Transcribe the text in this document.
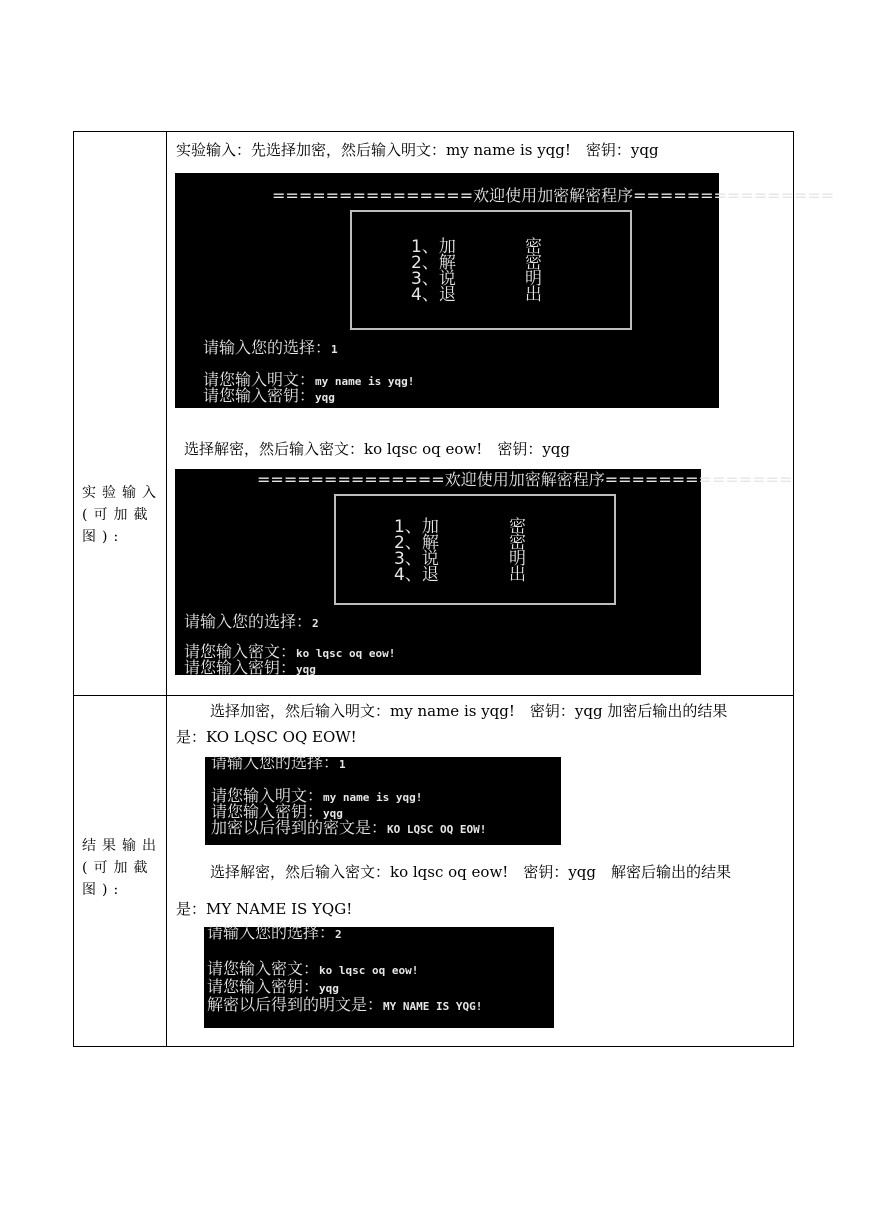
实验输入
(可加截
图):
实验输入：先选择加密，然后输入明文：my name is yqg!　密钥：yqg
===============欢迎使用加密解密程序===============
1、加
2、解
3、说
4、退
密
密
明
出
请输入您的选择：1
请您输入明文：my name is yqg!
请您输入密钥：yqg
选择解密，然后输入密文：ko lqsc oq eow!　密钥：yqg
==============欢迎使用加密解密程序==============
1、加
2、解
3、说
4、退
密
密
明
出
请输入您的选择：2
请您输入密文：ko lqsc oq eow!
请您输入密钥：yqg
结果输出
(可加截
图):
选择加密，然后输入明文：my name is yqg!　密钥：yqg 加密后输出的结果
是：KO LQSC OQ EOW!
请输入您的选择：1
请您输入明文：my name is yqg!
请您输入密钥：yqg
加密以后得到的密文是：KO LQSC OQ EOW!
选择解密，然后输入密文：ko lqsc oq eow!　密钥：yqg　解密后输出的结果
是：MY NAME IS YQG!
请输入您的选择：2
请您输入密文：ko lqsc oq eow!
请您输入密钥：yqg
解密以后得到的明文是：MY NAME IS YQG!
